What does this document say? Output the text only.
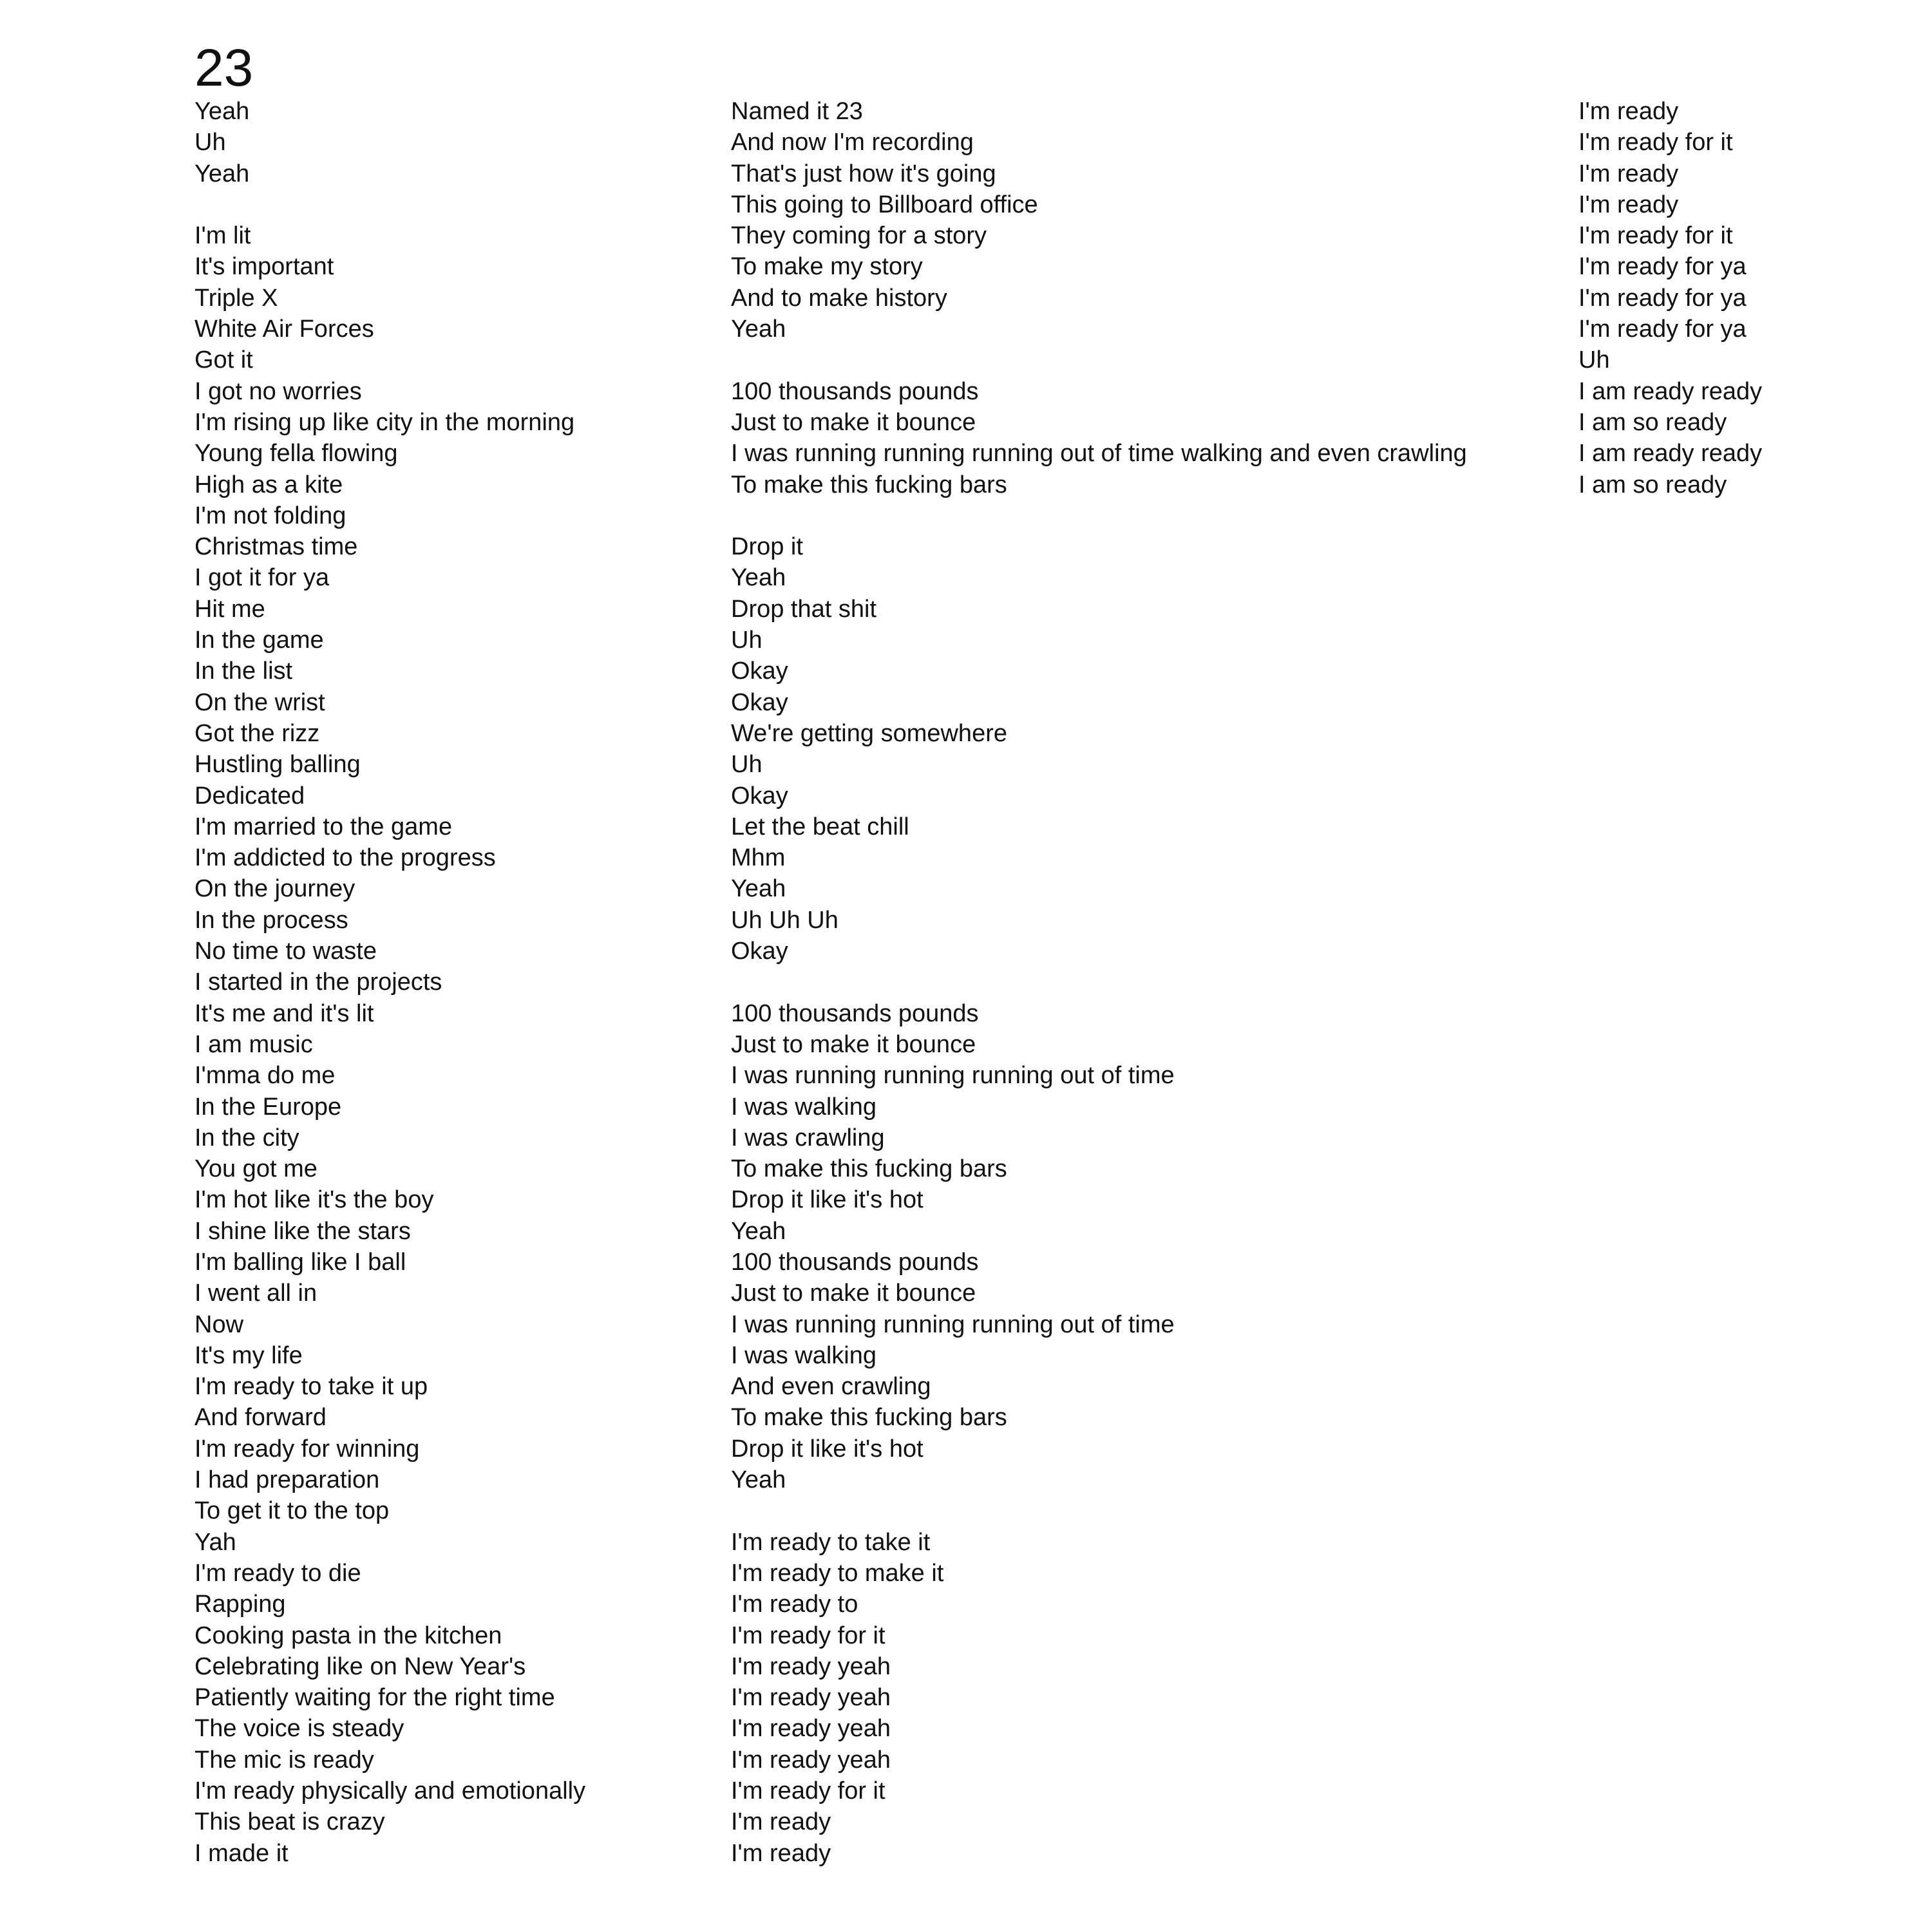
23
Yeah
Uh
Yeah
I'm lit
It's important
Triple X
White Air Forces
Got it
I got no worries
I'm rising up like city in the morning
Young fella flowing
High as a kite
I'm not folding
Christmas time
I got it for ya
Hit me
In the game
In the list
On the wrist
Got the rizz
Hustling balling
Dedicated
I'm married to the game
I'm addicted to the progress
On the journey
In the process
No time to waste
I started in the projects
It's me and it's lit
I am music
I'mma do me
In the Europe
In the city
You got me
I'm hot like it's the boy
I shine like the stars
I'm balling like I ball
I went all in
Now
It's my life
I'm ready to take it up
And forward
I'm ready for winning
I had preparation
To get it to the top
Yah
I'm ready to die
Rapping
Cooking pasta in the kitchen
Celebrating like on New Year's
Patiently waiting for the right time
The voice is steady
The mic is ready
I'm ready physically and emotionally
This beat is crazy
I made it
Named it 23
And now I'm recording
That's just how it's going
This going to Billboard office
They coming for a story
To make my story
And to make history
Yeah
100 thousands pounds
Just to make it bounce
I was running running running out of time walking and even crawling
To make this fucking bars
Drop it
Yeah
Drop that shit
Uh
Okay
Okay
We're getting somewhere
Uh
Okay
Let the beat chill
Mhm
Yeah
Uh Uh Uh
Okay
100 thousands pounds
Just to make it bounce
I was running running running out of time
I was walking
I was crawling
To make this fucking bars
Drop it like it's hot
Yeah
100 thousands pounds
Just to make it bounce
I was running running running out of time
I was walking
And even crawling
To make this fucking bars
Drop it like it's hot
Yeah
I'm ready to take it
I'm ready to make it
I'm ready to
I'm ready for it
I'm ready yeah
I'm ready yeah
I'm ready yeah
I'm ready yeah
I'm ready for it
I'm ready
I'm ready
I'm ready
I'm ready for it
I'm ready
I'm ready
I'm ready for it
I'm ready for ya
I'm ready for ya
I'm ready for ya
Uh
I am ready ready
I am so ready
I am ready ready
I am so ready
